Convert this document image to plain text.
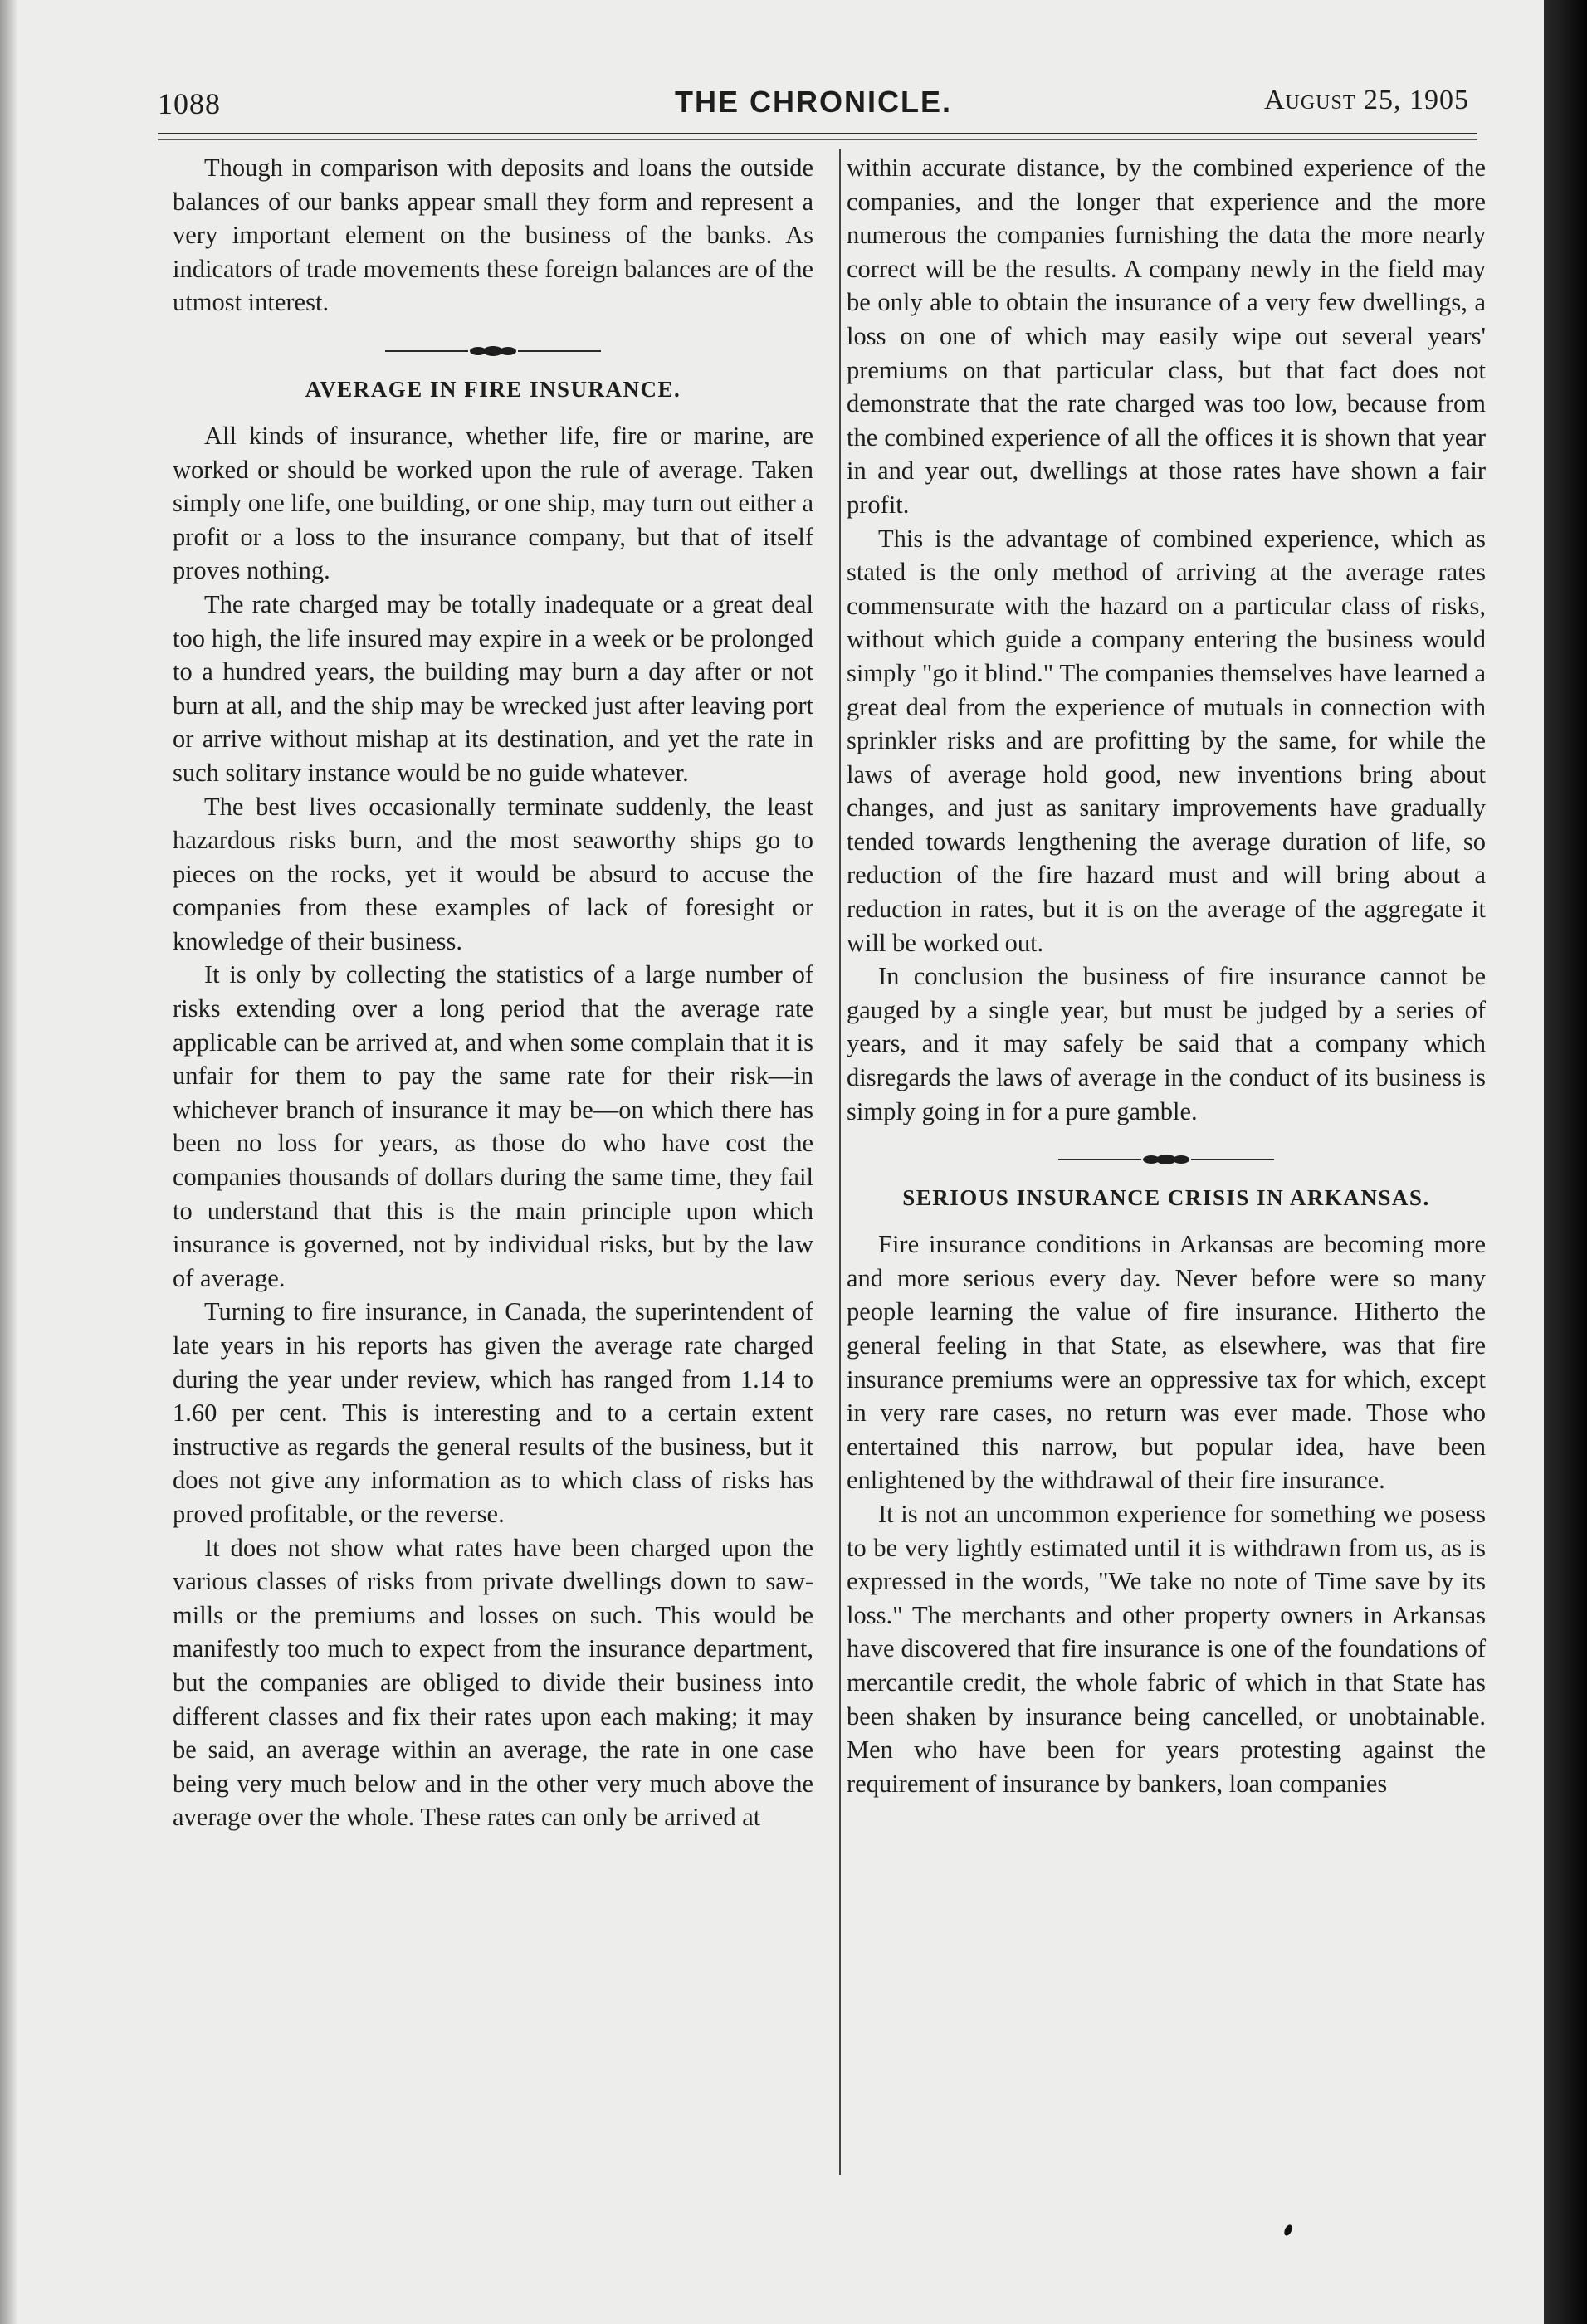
1088	THE CHRONICLE.	August 25, 1905

Though in comparison with deposits and loans the outside balances of our banks appear small they form and represent a very important element on the business of the banks. As indicators of trade movements these foreign balances are of the utmost interest.

AVERAGE IN FIRE INSURANCE.

All kinds of insurance, whether life, fire or marine, are worked or should be worked upon the rule of average. Taken simply one life, one building, or one ship, may turn out either a profit or a loss to the insurance company, but that of itself proves nothing.

The rate charged may be totally inadequate or a great deal too high, the life insured may expire in a week or be prolonged to a hundred years, the building may burn a day after or not burn at all, and the ship may be wrecked just after leaving port or arrive without mishap at its destination, and yet the rate in such solitary instance would be no guide whatever.

The best lives occasionally terminate suddenly, the least hazardous risks burn, and the most seaworthy ships go to pieces on the rocks, yet it would be absurd to accuse the companies from these examples of lack of foresight or knowledge of their business.

It is only by collecting the statistics of a large number of risks extending over a long period that the average rate applicable can be arrived at, and when some complain that it is unfair for them to pay the same rate for their risk—in whichever branch of insurance it may be—on which there has been no loss for years, as those do who have cost the companies thousands of dollars during the same time, they fail to understand that this is the main principle upon which insurance is governed, not by individual risks, but by the law of average.

Turning to fire insurance, in Canada, the superintendent of late years in his reports has given the average rate charged during the year under review, which has ranged from 1.14 to 1.60 per cent. This is interesting and to a certain extent instructive as regards the general results of the business, but it does not give any information as to which class of risks has proved profitable, or the reverse.

It does not show what rates have been charged upon the various classes of risks from private dwellings down to saw-mills or the premiums and losses on such. This would be manifestly too much to expect from the insurance department, but the companies are obliged to divide their business into different classes and fix their rates upon each making; it may be said, an average within an average, the rate in one case being very much below and in the other very much above the average over the whole. These rates can only be arrived at

within accurate distance, by the combined experience of the companies, and the longer that experience and the more numerous the companies furnishing the data the more nearly correct will be the results. A company newly in the field may be only able to obtain the insurance of a very few dwellings, a loss on one of which may easily wipe out several years' premiums on that particular class, but that fact does not demonstrate that the rate charged was too low, because from the combined experience of all the offices it is shown that year in and year out, dwellings at those rates have shown a fair profit.

This is the advantage of combined experience, which as stated is the only method of arriving at the average rates commensurate with the hazard on a particular class of risks, without which guide a company entering the business would simply "go it blind." The companies themselves have learned a great deal from the experience of mutuals in connection with sprinkler risks and are profitting by the same, for while the laws of average hold good, new inventions bring about changes, and just as sanitary improvements have gradually tended towards lengthening the average duration of life, so reduction of the fire hazard must and will bring about a reduction in rates, but it is on the average of the aggregate it will be worked out.

In conclusion the business of fire insurance cannot be gauged by a single year, but must be judged by a series of years, and it may safely be said that a company which disregards the laws of average in the conduct of its business is simply going in for a pure gamble.

SERIOUS INSURANCE CRISIS IN ARKANSAS.

Fire insurance conditions in Arkansas are becoming more and more serious every day. Never before were so many people learning the value of fire insurance. Hitherto the general feeling in that State, as elsewhere, was that fire insurance premiums were an oppressive tax for which, except in very rare cases, no return was ever made. Those who entertained this narrow, but popular idea, have been enlightened by the withdrawal of their fire insurance.

It is not an uncommon experience for something we posess to be very lightly estimated until it is withdrawn from us, as is expressed in the words, "We take no note of Time save by its loss." The merchants and other property owners in Arkansas have discovered that fire insurance is one of the foundations of mercantile credit, the whole fabric of which in that State has been shaken by insurance being cancelled, or unobtainable. Men who have been for years protesting against the requirement of insurance by bankers, loan companies
